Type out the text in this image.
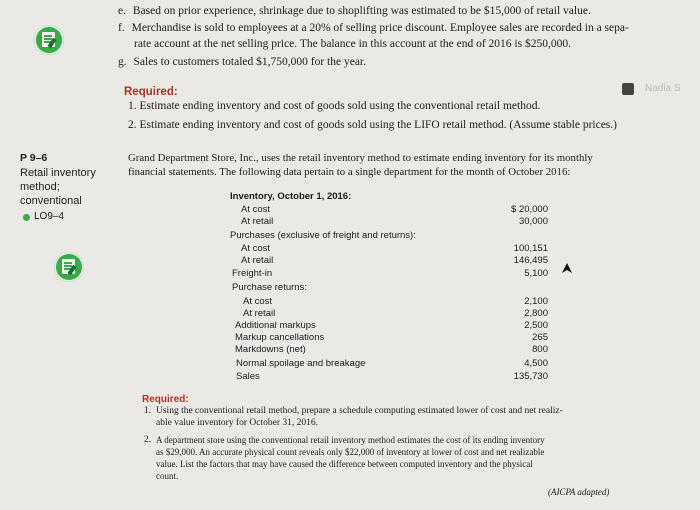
e. Based on prior experience, shrinkage due to shoplifting was estimated to be $15,000 of retail value.
f. Merchandise is sold to employees at a 20% of selling price discount. Employee sales are recorded in a sepa-
rate account at the net selling price. The balance in this account at the end of 2016 is $250,000.
g. Sales to customers totaled $1,750,000 for the year.
Nadia S
Required:
1. Estimate ending inventory and cost of goods sold using the conventional retail method.
2. Estimate ending inventory and cost of goods sold using the LIFO retail method. (Assume stable prices.)
P 9–6
Retail inventory
method;
conventional
LO9–4
Grand Department Store, Inc., uses the retail inventory method to estimate ending inventory for its monthly
financial statements. The following data pertain to a single department for the month of October 2016:
Inventory, October 1, 2016:
At cost	$ 20,000
At retail	30,000
Purchases (exclusive of freight and returns):
At cost	100,151
At retail	146,495
Freight-in	5,100
Purchase returns:
At cost	2,100
At retail	2,800
Additional markups	2,500
Markup cancellations	265
Markdowns (net)	800
Normal spoilage and breakage	4,500
Sales	135,730
Required:
1. Using the conventional retail method, prepare a schedule computing estimated lower of cost and net realiz-
able value inventory for October 31, 2016.
2. A department store using the conventional retail inventory method estimates the cost of its ending inventory
as $29,000. An accurate physical count reveals only $22,000 of inventory at lower of cost and net realizable
value. List the factors that may have caused the difference between computed inventory and the physical
count.
(AICPA adapted)
